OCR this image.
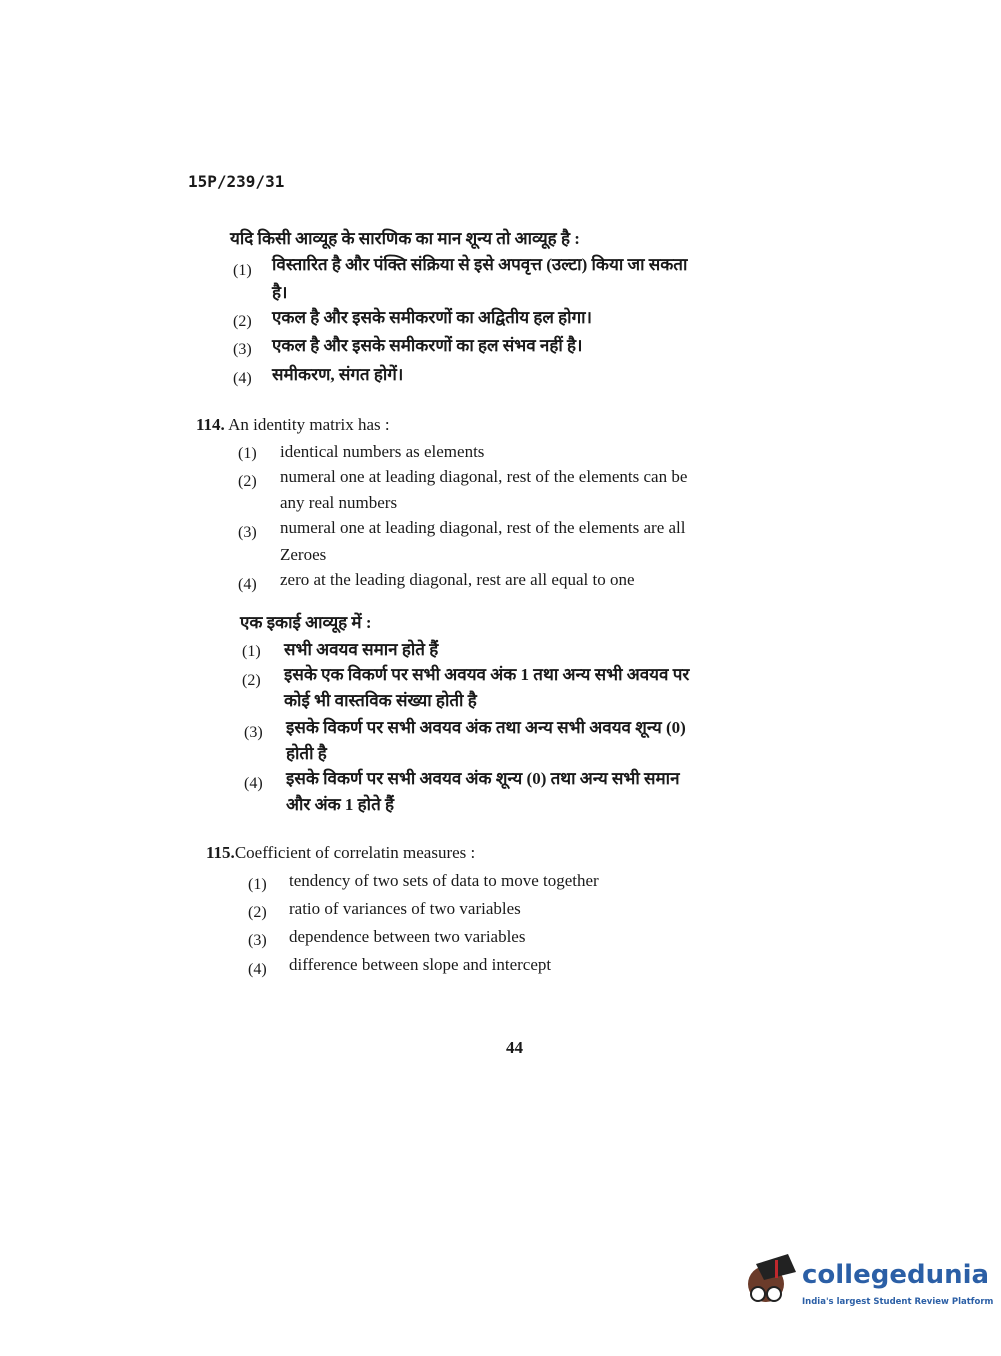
15P/239/31
यदि किसी आव्यूह के सारणिक का मान शून्य तो आव्यूह है :
(1) विस्तारित है और पंक्ति संक्रिया से इसे अपवृत्त (उल्टा) किया जा सकता
है।
(2) एकल है और इसके समीकरणों का अद्वितीय हल होगा।
(3) एकल है और इसके समीकरणों का हल संभव नहीं है।
(4) समीकरण, संगत होगें।
114. An identity matrix has :
(1) identical numbers as elements
(2) numeral one at leading diagonal, rest of the elements can be
any real numbers
(3) numeral one at leading diagonal, rest of the elements are all
Zeroes
(4) zero at the leading diagonal, rest are all equal to one
एक इकाई आव्यूह में :
(1) सभी अवयव समान होते हैं
(2) इसके एक विकर्ण पर सभी अवयव अंक 1 तथा अन्य सभी अवयव पर
कोई भी वास्तविक संख्या होती है
(3) इसके विकर्ण पर सभी अवयव अंक तथा अन्य सभी अवयव शून्य (0)
होती है
(4) इसके विकर्ण पर सभी अवयव अंक शून्य (0) तथा अन्य सभी समान
और अंक 1 होते हैं
115.Coefficient of correlatin measures :
(1) tendency of two sets of data to move together
(2) ratio of variances of two variables
(3) dependence between two variables
(4) difference between slope and intercept
44
collegedunia
India's largest Student Review Platform
